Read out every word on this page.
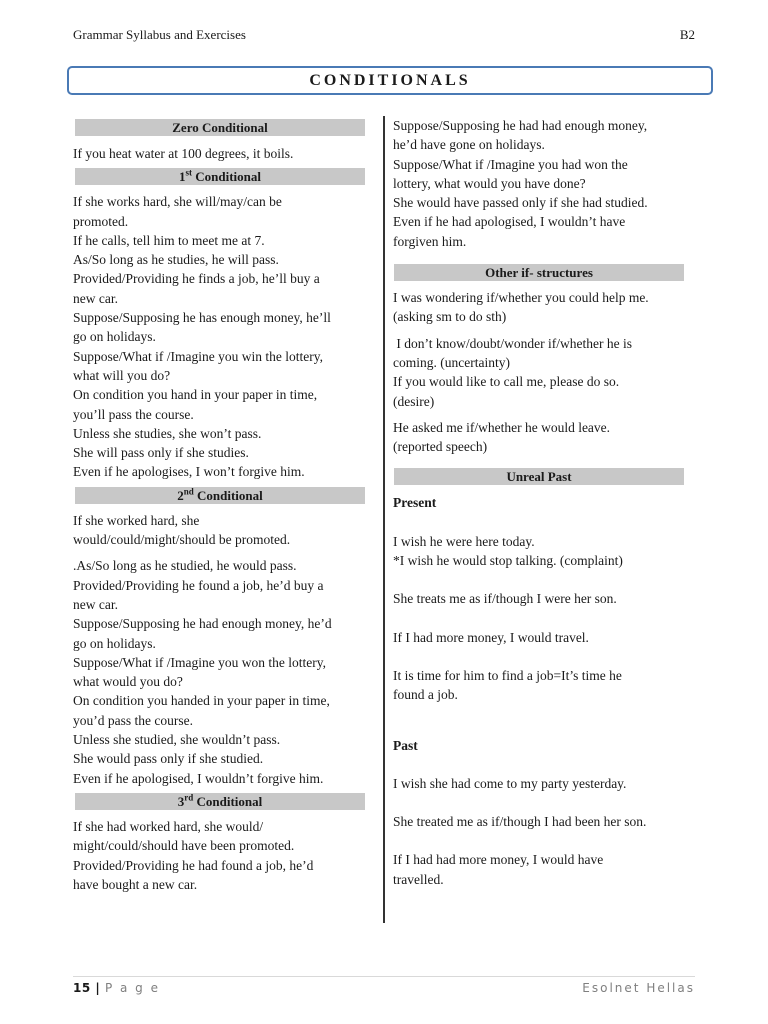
Grammar Syllabus and Exercises	B2
CONDITIONALS
Zero Conditional
If you heat water at 100 degrees, it boils.
1st Conditional
If she works hard, she will/may/can be
promoted.
If he calls, tell him to meet me at 7.
As/So long as he studies, he will pass.
Provided/Providing he finds a job, he’ll buy a
new car.
Suppose/Supposing he has enough money, he’ll
go on holidays.
Suppose/What if /Imagine you win the lottery,
what will you do?
On condition you hand in your paper in time,
you’ll pass the course.
Unless she studies, she won’t pass.
She will pass only if she studies.
Even if he apologises, I won’t forgive him.
2nd Conditional
If she worked hard, she
would/could/might/should be promoted.
.As/So long as he studied, he would pass.
Provided/Providing he found a job, he’d buy a
new car.
Suppose/Supposing he had enough money, he’d
go on holidays.
Suppose/What if /Imagine you won the lottery,
what would you do?
On condition you handed in your paper in time,
you’d pass the course.
Unless she studied, she wouldn’t pass.
She would pass only if she studied.
Even if he apologised, I wouldn’t forgive him.
3rd Conditional
If she had worked hard, she would/
might/could/should have been promoted.
Provided/Providing he had found a job, he’d
have bought a new car.
Suppose/Supposing he had had enough money,
he’d have gone on holidays.
Suppose/What if /Imagine you had won the
lottery, what would you have done?
She would have passed only if she had studied.
Even if he had apologised, I wouldn’t have
forgiven him.
Other if- structures
I was wondering if/whether you could help me.
(asking sm to do sth)
I don’t know/doubt/wonder if/whether he is
coming. (uncertainty)
If you would like to call me, please do so.
(desire)
He asked me if/whether he would leave.
(reported speech)
Unreal Past
Present
I wish he were here today.
*I wish he would stop talking. (complaint)
She treats me as if/though I were her son.
If I had more money, I would travel.
It is time for him to find a job=It’s time he
found a job.
Past
I wish she had come to my party yesterday.
She treated me as if/though I had been her son.
If I had had more money, I would have
travelled.
15 | P a g e	Esolnet Hellas
